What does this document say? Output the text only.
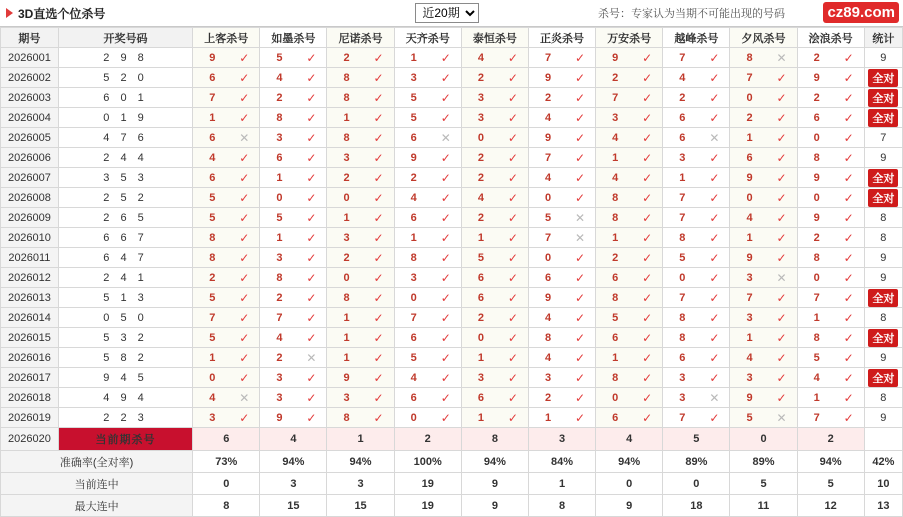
3D直选个位杀号
近20期	杀号：专家认为当期不可能出现的号码	cz89.com
期号	开奖号码	上客杀号	如墨杀号	尼诺杀号	天齐杀号	泰恒杀号	正炎杀号	万安杀号	越峰杀号	夕风杀号	浍浪杀号	统计
2026001	2 9 8	9 ✓	5 ✓	2 ✓	1 ✓	4 ✓	7 ✓	9 ✓	7 ✓	8 ✕	2 ✓	9
2026002	5 2 0	6 ✓	4 ✓	8 ✓	3 ✓	2 ✓	9 ✓	2 ✓	4 ✓	7 ✓	9 ✓	全对
2026003	6 0 1	7 ✓	2 ✓	8 ✓	5 ✓	3 ✓	2 ✓	7 ✓	2 ✓	0 ✓	2 ✓	全对
2026004	0 1 9	1 ✓	8 ✓	1 ✓	5 ✓	3 ✓	4 ✓	3 ✓	6 ✓	2 ✓	6 ✓	全对
2026005	4 7 6	6 ✕	3 ✓	8 ✓	6 ✕	0 ✓	9 ✓	4 ✓	6 ✕	1 ✓	0 ✓	7
2026006	2 4 4	4 ✓	6 ✓	3 ✓	9 ✓	2 ✓	7 ✓	1 ✓	3 ✓	6 ✓	8 ✓	9
2026007	3 5 3	6 ✓	1 ✓	2 ✓	2 ✓	2 ✓	4 ✓	4 ✓	1 ✓	9 ✓	9 ✓	全对
2026008	2 5 2	5 ✓	0 ✓	0 ✓	4 ✓	4 ✓	0 ✓	8 ✓	7 ✓	0 ✓	0 ✓	全对
2026009	2 6 5	5 ✓	5 ✓	1 ✓	6 ✓	2 ✓	5 ✕	8 ✓	7 ✓	4 ✓	9 ✓	8
2026010	6 6 7	8 ✓	1 ✓	3 ✓	1 ✓	1 ✓	7 ✕	1 ✓	8 ✓	1 ✓	2 ✓	8
2026011	6 4 7	8 ✓	3 ✓	2 ✓	8 ✓	5 ✓	0 ✓	2 ✓	5 ✓	9 ✓	8 ✓	9
2026012	2 4 1	2 ✓	8 ✓	0 ✓	3 ✓	6 ✓	6 ✓	6 ✓	0 ✓	3 ✕	0 ✓	9
2026013	5 1 3	5 ✓	2 ✓	8 ✓	0 ✓	6 ✓	9 ✓	8 ✓	7 ✓	7 ✓	7 ✓	全对
2026014	0 5 0	7 ✓	7 ✓	1 ✓	7 ✓	2 ✓	4 ✓	5 ✓	8 ✓	3 ✓	1 ✓	8
2026015	5 3 2	5 ✓	4 ✓	1 ✓	6 ✓	0 ✓	8 ✓	6 ✓	8 ✓	1 ✓	8 ✓	全对
2026016	5 8 2	1 ✓	2 ✕	1 ✓	5 ✓	1 ✓	4 ✓	1 ✓	6 ✓	4 ✓	5 ✓	9
2026017	9 4 5	0 ✓	3 ✓	9 ✓	4 ✓	3 ✓	3 ✓	8 ✓	3 ✓	3 ✓	4 ✓	全对
2026018	4 9 4	4 ✕	3 ✓	3 ✓	6 ✓	6 ✓	2 ✓	0 ✓	3 ✕	9 ✓	1 ✓	8
2026019	2 2 3	3 ✓	9 ✓	8 ✓	0 ✓	1 ✓	1 ✓	6 ✓	7 ✓	5 ✕	7 ✓	9
2026020	当前期杀号	6	4	1	2	8	3	4	5	0	2	
准确率(全对率)		73%	94%	94%	100%	94%	84%	94%	89%	89%	94%	42%
当前连中		0	3	3	19	9	1	0	0	5	5	10
最大连中		8	15	15	19	9	8	9	18	11	12	13
